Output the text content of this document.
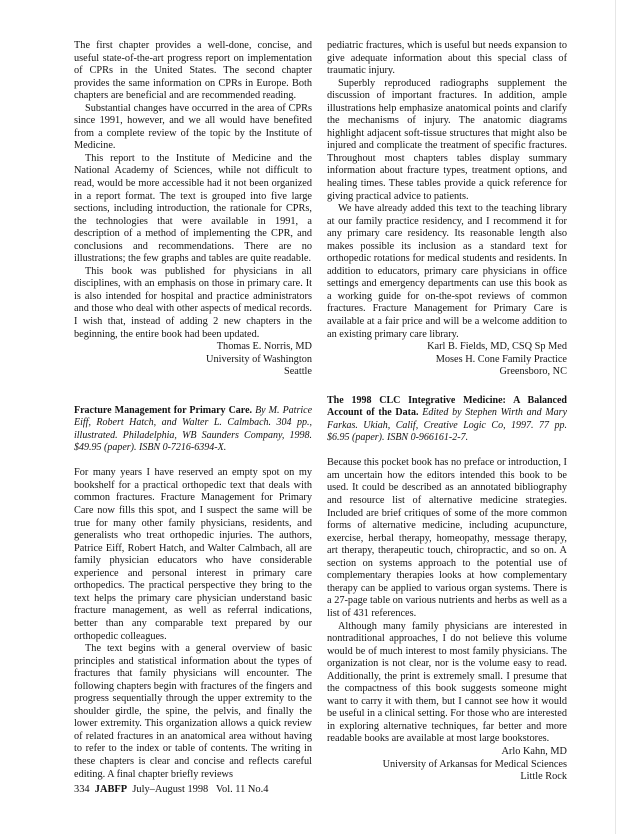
The first chapter provides a well-done, concise, and useful state-of-the-art progress report on implementation of CPRs in the United States. The second chapter provides the same information on CPRs in Europe. Both chapters are beneficial and are recommended reading.

Substantial changes have occurred in the area of CPRs since 1991, however, and we all would have benefited from a complete review of the topic by the Institute of Medicine.

This report to the Institute of Medicine and the National Academy of Sciences, while not difficult to read, would be more accessible had it not been organized in a report format. The text is grouped into five large sections, including introduction, the rationale for CPRs, the technologies that were available in 1991, a description of a method of implementing the CPR, and conclusions and recommendations. There are no illustrations; the few graphs and tables are quite readable.

This book was published for physicians in all disciplines, with an emphasis on those in primary care. It is also intended for hospital and practice administrators and those who deal with other aspects of medical records. I wish that, instead of adding 2 new chapters in the beginning, the entire book had been updated.

Thomas E. Norris, MD
University of Washington
Seattle
Fracture Management for Primary Care. By M. Patrice Eiff, Robert Hatch, and Walter L. Calmbach. 304 pp., illustrated. Philadelphia, WB Saunders Company, 1998. $49.95 (paper). ISBN 0-7216-6394-X.

For many years I have reserved an empty spot on my bookshelf for a practical orthopedic text that deals with common fractures. Fracture Management for Primary Care now fills this spot, and I suspect the same will be true for many other family physicians, residents, and generalists who treat orthopedic injuries. The authors, Patrice Eiff, Robert Hatch, and Walter Calmbach, all are family physician educators who have considerable experience and personal interest in primary care orthopedics. The practical perspective they bring to the text helps the primary care physician understand basic fracture management, as well as referral indications, better than any comparable text prepared by our orthopedic colleagues.

The text begins with a general overview of basic principles and statistical information about the types of fractures that family physicians will encounter. The following chapters begin with fractures of the fingers and progress sequentially through the upper extremity to the shoulder girdle, the spine, the pelvis, and finally the lower extremity. This organization allows a quick review of related fractures in an anatomical area without having to refer to the index or table of contents. The writing in these chapters is clear and concise and reflects careful editing. A final chapter briefly reviews

pediatric fractures, which is useful but needs expansion to give adequate information about this special class of traumatic injury.

Superbly reproduced radiographs supplement the discussion of important fractures. In addition, ample illustrations help emphasize anatomical points and clarify the mechanisms of injury. The anatomic diagrams highlight adjacent soft-tissue structures that might also be injured and complicate the treatment of specific fractures. Throughout most chapters tables display summary information about fracture types, treatment options, and healing times. These tables provide a quick reference for giving practical advice to patients.

We have already added this text to the teaching library at our family practice residency, and I recommend it for any primary care residency. Its reasonable length also makes possible its inclusion as a standard text for orthopedic rotations for medical students and residents. In addition to educators, primary care physicians in office settings and emergency departments can use this book as a working guide for on-the-spot reviews of common fractures. Fracture Management for Primary Care is available at a fair price and will be a welcome addition to an existing primary care library.

Karl B. Fields, MD, CSQ Sp Med
Moses H. Cone Family Practice
Greensboro, NC
The 1998 CLC Integrative Medicine: A Balanced Account of the Data. Edited by Stephen Wirth and Mary Farkas. Ukiah, Calif, Creative Logic Co, 1997. 77 pp. $6.95 (paper). ISBN 0-966161-2-7.

Because this pocket book has no preface or introduction, I am uncertain how the editors intended this book to be used. It could be described as an annotated bibliography and resource list of alternative medicine strategies. Included are brief critiques of some of the more common forms of alternative medicine, including acupuncture, exercise, herbal therapy, homeopathy, message therapy, art therapy, therapeutic touch, chiropractic, and so on. A section on systems approach to the potential use of complementary therapies looks at how complementary therapy can be applied to various organ systems. There is a 27-page table on various nutrients and herbs as well as a list of 431 references.

Although many family physicians are interested in nontraditional approaches, I do not believe this volume would be of much interest to most family physicians. The organization is not clear, nor is the volume easy to read. Additionally, the print is extremely small. I presume that the compactness of this book suggests someone might want to carry it with them, but I cannot see how it would be useful in a clinical setting. For those who are interested in exploring alternative techniques, far better and more readable books are available at most large bookstores.

Arlo Kahn, MD
University of Arkansas for Medical Sciences
Little Rock
334 JABFP July–August 1998   Vol. 11 No.4
